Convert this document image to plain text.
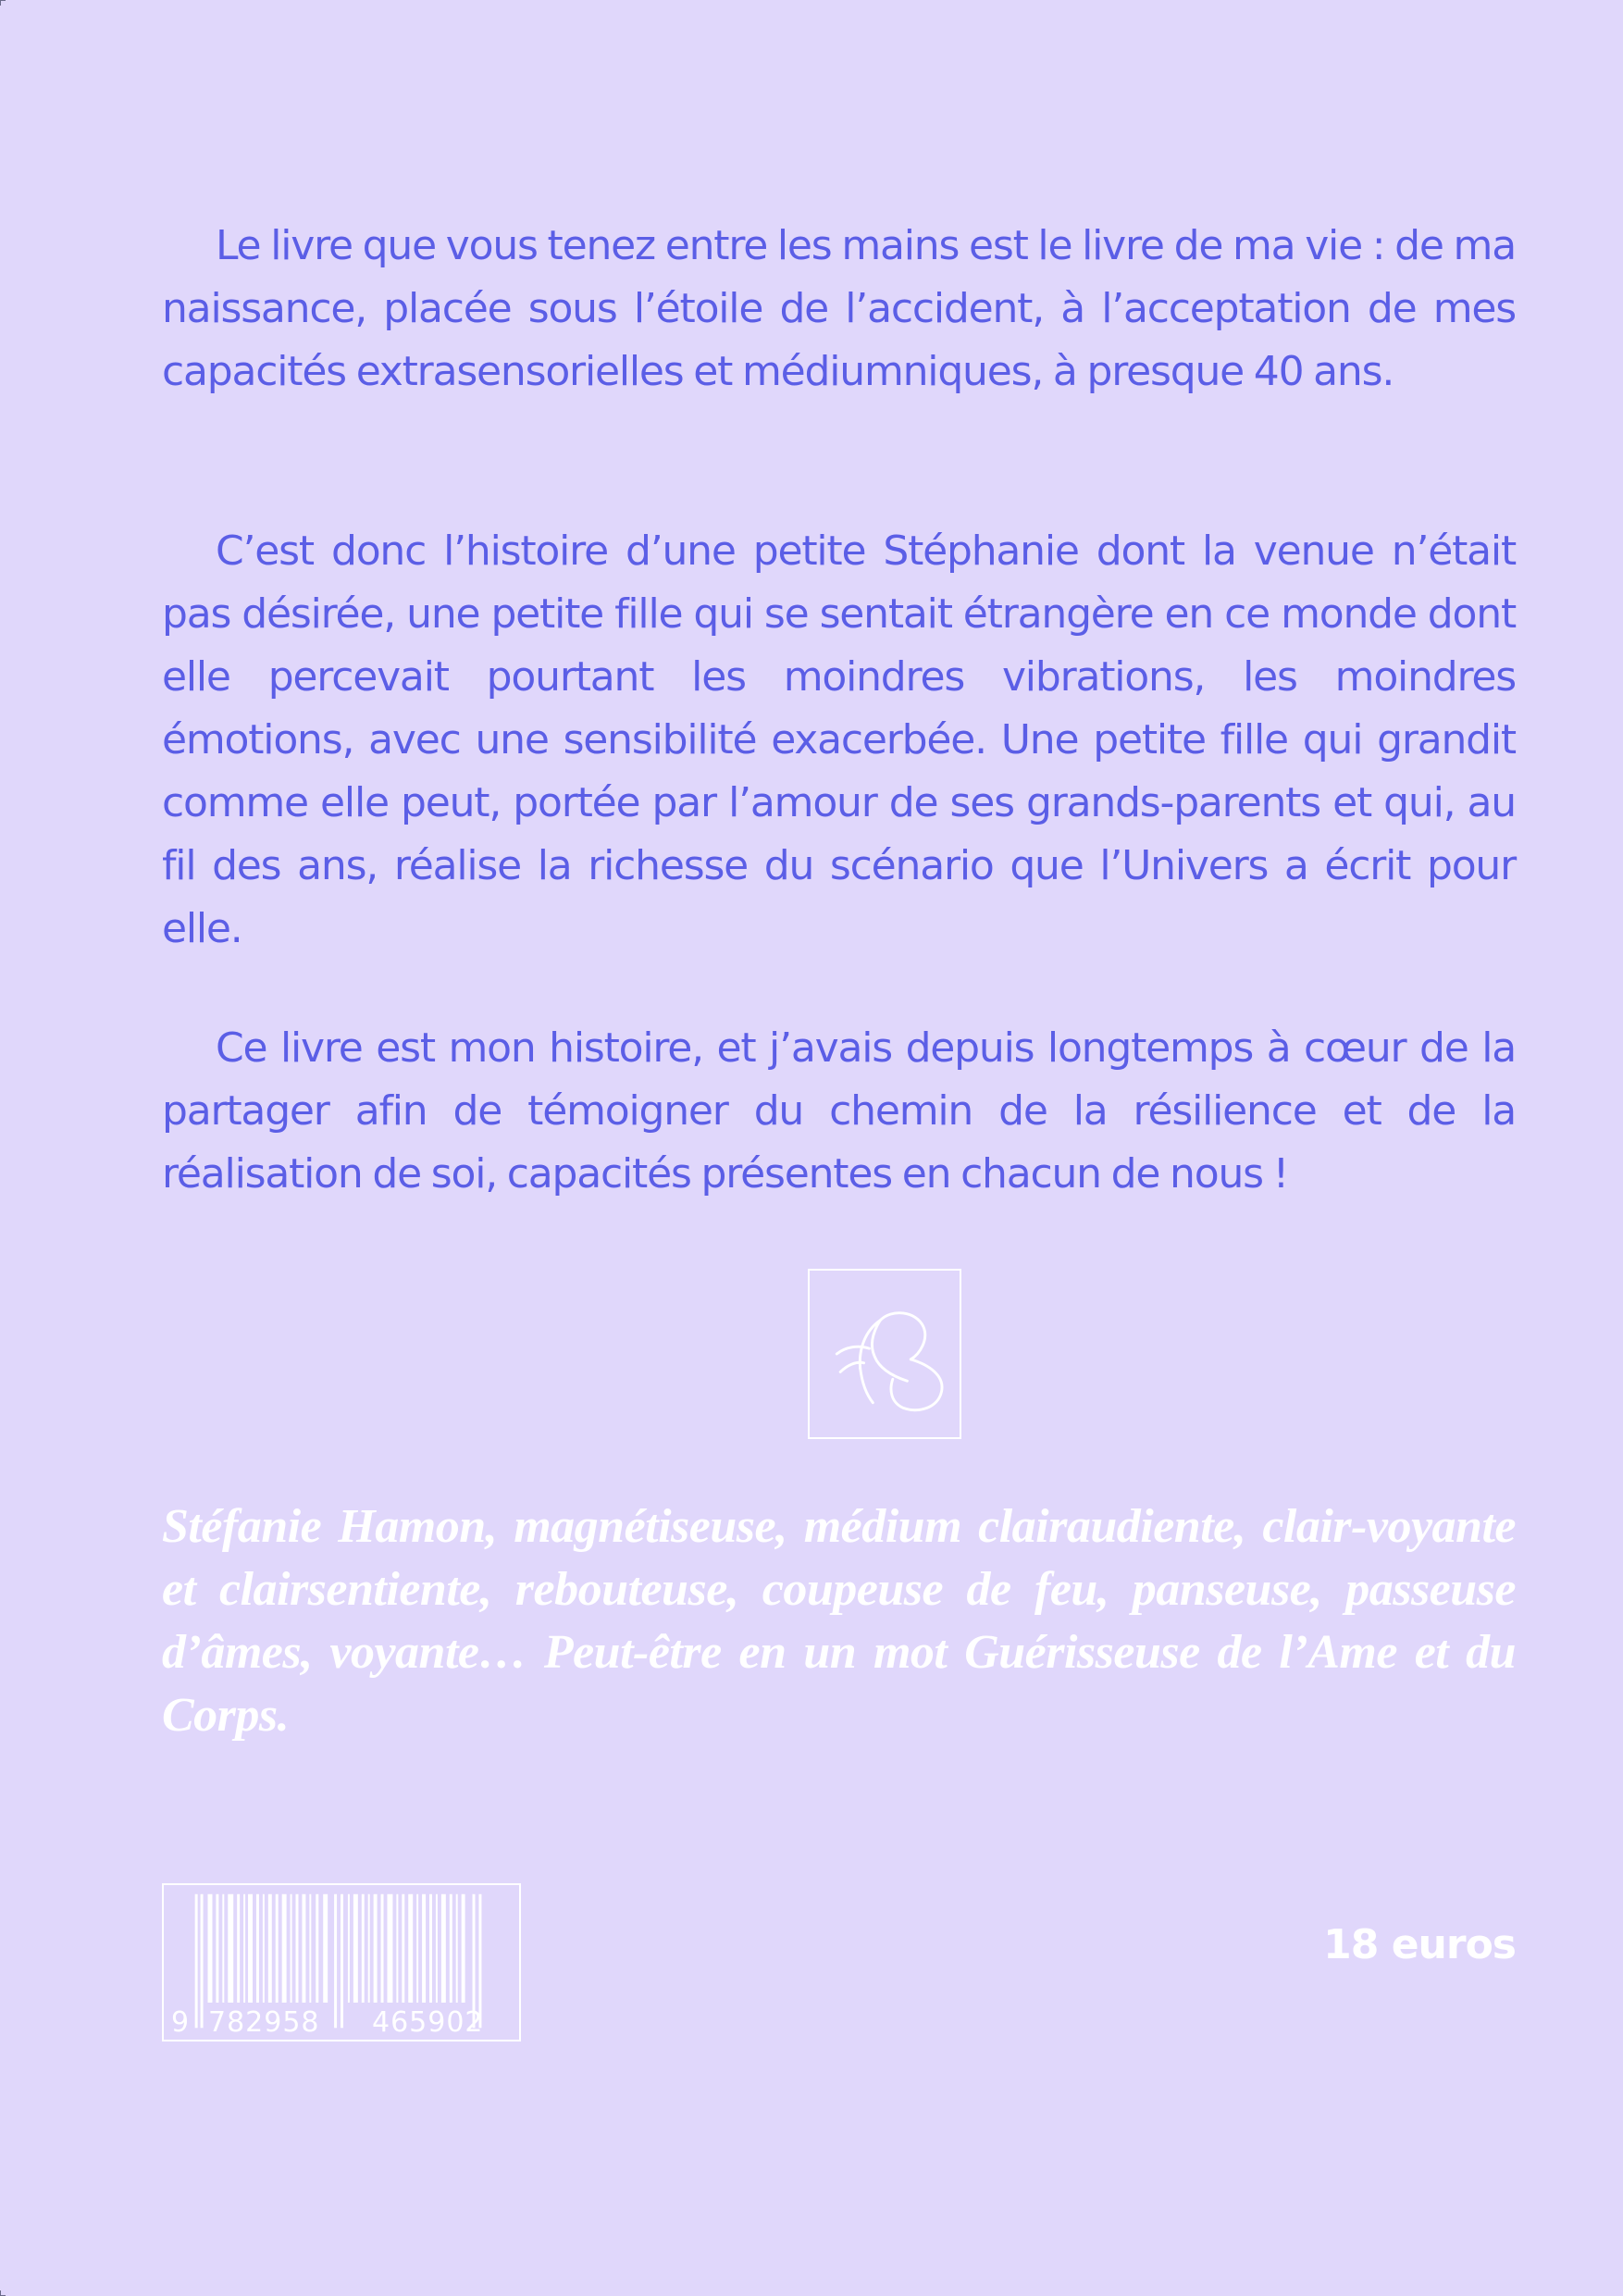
Le livre que vous tenez entre les mains est le livre de ma vie : de ma naissance, placée sous l’étoile de l’accident, à l’acceptation de mes capacités extrasensorielles et médiumniques, à presque 40 ans.

C’est donc l’histoire d’une petite Stéphanie dont la venue n’était pas désirée, une petite fille qui se sentait étrangère en ce monde dont elle percevait pourtant les moindres vibrations, les moindres émotions, avec une sensibilité exacerbée. Une petite fille qui grandit comme elle peut, portée par l’amour de ses grands-parents et qui, au fil des ans, réalise la richesse du scénario que l’Univers a écrit pour elle.

Ce livre est mon histoire, et j’avais depuis longtemps à cœur de la partager afin de témoigner du chemin de la résilience et de la réalisation de soi, capacités présentes en chacun de nous !

Stéfanie Hamon, magnétiseuse, médium clairaudiente, clair-voyante et clairsentiente, rebouteuse, coupeuse de feu, panseuse, passeuse d’âmes, voyante… Peut-être en un mot Guérisseuse de l’Ame et du Corps.

9 782958 465902
18 euros
